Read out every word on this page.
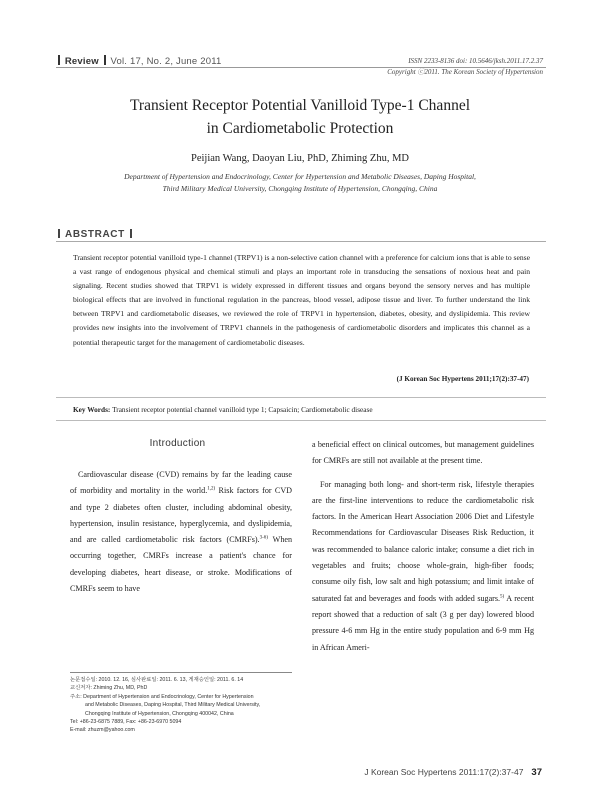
Review Vol. 17, No. 2, June 2011	ISSN 2233-8136 doi: 10.5646/jksh.2011.17.2.37
Copyright ⓒ2011. The Korean Society of Hypertension
Transient Receptor Potential Vanilloid Type-1 Channel
in Cardiometabolic Protection
Peijian Wang, Daoyan Liu, PhD, Zhiming Zhu, MD
Department of Hypertension and Endocrinology, Center for Hypertension and Metabolic Diseases, Daping Hospital,
Third Military Medical University, Chongqing Institute of Hypertension, Chongqing, China
ABSTRACT
Transient receptor potential vanilloid type-1 channel (TRPV1) is a non-selective cation channel with a preference for calcium ions that is able to sense a vast range of endogenous physical and chemical stimuli and plays an important role in transducing the sensations of noxious heat and pain signaling. Recent studies showed that TRPV1 is widely expressed in different tissues and organs beyond the sensory nerves and has multiple biological effects that are involved in functional regulation in the pancreas, blood vessel, adipose tissue and liver. To further understand the link between TRPV1 and cardiometabolic diseases, we reviewed the role of TRPV1 in hypertension, diabetes, obesity, and dyslipidemia. This review provides new insights into the involvement of TRPV1 channels in the pathogenesis of cardiometabolic disorders and implicates this channel as a potential therapeutic target for the management of cardiometabolic diseases.
(J Korean Soc Hypertens 2011;17(2):37-47)
Key Words: Transient receptor potential channel vanilloid type 1; Capsaicin; Cardiometabolic disease
Introduction

Cardiovascular disease (CVD) remains by far the leading cause of morbidity and mortality in the world.$^{1,2)}$ Risk factors for CVD and type 2 diabetes often cluster, including abdominal obesity, hypertension, insulin resistance, hyperglycemia, and dyslipidemia, and are called cardiometabolic risk factors (CMRFs).$^{3-6)}$ When occurring together, CMRFs increase a patient's chance for developing diabetes, heart disease, or stroke. Modifications of CMRFs seem to have

a beneficial effect on clinical outcomes, but management guidelines for CMRFs are still not available at the present time.

For managing both long- and short-term risk, lifestyle therapies are the first-line interventions to reduce the cardiometabolic risk factors. In the American Heart Association 2006 Diet and Lifestyle Recommendations for Cardiovascular Diseases Risk Reduction, it was recommended to balance caloric intake; consume a diet rich in vegetables and fruits; choose whole-grain, high-fiber foods; consume oily fish, low salt and high potassium; and limit intake of saturated fat and beverages and foods with added sugars.$^{5)}$ A recent report showed that a reduction of salt (3 g per day) lowered blood pressure 4-6 mm Hg in the entire study population and 6-9 mm Hg in African Ameri-

논문접수일: 2010. 12. 16, 심사완료일: 2011. 6. 13, 게재승인일: 2011. 6. 14
교신저자: Zhiming Zhu, MD, PhD
주소: Department of Hypertension and Endocrinology, Center for Hypertension
and Metabolic Diseases, Daping Hospital, Third Military Medical University,
Chongqing Institute of Hypertension, Chongqing 400042, China
Tel: +86-23-6875 7889, Fax: +86-23-6970 5094
E-mail: zhuzm@yahoo.com
J Korean Soc Hypertens 2011:17(2):37-47 37
